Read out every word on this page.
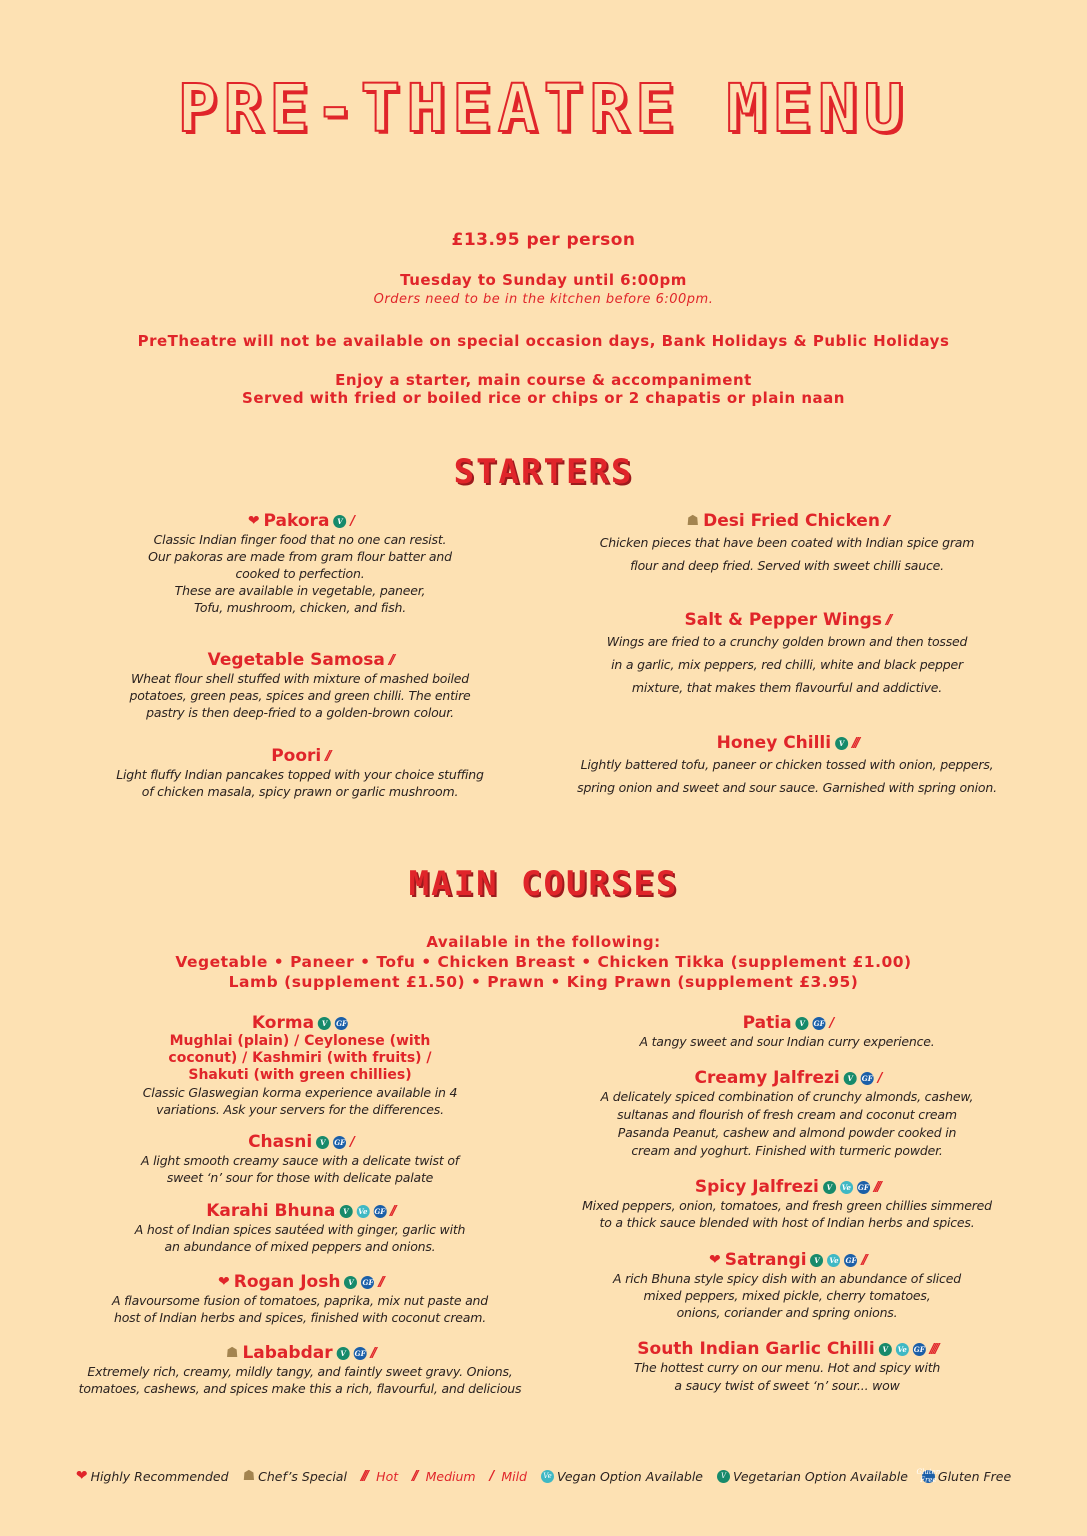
PRE-THEATRE MENU
£13.95 per person
Tuesday to Sunday until 6:00pm
Orders need to be in the kitchen before 6:00pm.
PreTheatre will not be available on special occasion days, Bank Holidays & Public Holidays
Enjoy a starter, main course & accompaniment
Served with fried or boiled rice or chips or 2 chapatis or plain naan
STARTERS
❤ Pakora	V /
Classic Indian finger food that no one can resist.
Our pakoras are made from gram flour batter and
cooked to perfection.
These are available in vegetable, paneer,
Tofu, mushroom, chicken, and fish.
Vegetable Samosa //
Wheat flour shell stuffed with mixture of mashed boiled
potatoes, green peas, spices and green chilli. The entire
pastry is then deep-fried to a golden-brown colour.
Poori //
Light fluffy Indian pancakes topped with your choice stuffing
of chicken masala, spicy prawn or garlic mushroom.
☗ Desi Fried Chicken //
Chicken pieces that have been coated with Indian spice gram
flour and deep fried. Served with sweet chilli sauce.
Salt & Pepper Wings //
Wings are fried to a crunchy golden brown and then tossed
in a garlic, mix peppers, red chilli, white and black pepper
mixture, that makes them flavourful and addictive.
Honey Chilli	V ///
Lightly battered tofu, paneer or chicken tossed with onion, peppers,
spring onion and sweet and sour sauce. Garnished with spring onion.
MAIN COURSES
Available in the following:
Vegetable • Paneer • Tofu • Chicken Breast • Chicken Tikka (supplement £1.00)
Lamb (supplement £1.50) • Prawn • King Prawn (supplement £3.95)
Korma	V	GF
Mughlai (plain) / Ceylonese (with
coconut) / Kashmiri (with fruits) /
Shakuti (with green chillies)
Classic Glaswegian korma experience available in 4
variations. Ask your servers for the differences.
Chasni	V	GF /
A light smooth creamy sauce with a delicate twist of
sweet ‘n’ sour for those with delicate palate
Karahi Bhuna	V	Ve GF //
A host of Indian spices sautéed with ginger, garlic with
an abundance of mixed peppers and onions.
❤ Rogan Josh	V	GF //
A flavoursome fusion of tomatoes, paprika, mix nut paste and
host of Indian herbs and spices, finished with coconut cream.
☗ Lababdar	V	GF //
Extremely rich, creamy, mildly tangy, and faintly sweet gravy. Onions,
tomatoes, cashews, and spices make this a rich, flavourful, and delicious
Patia	V	GF /
A tangy sweet and sour Indian curry experience.
Creamy Jalfrezi	V	GF /
A delicately spiced combination of crunchy almonds, cashew,
sultanas and flourish of fresh cream and coconut cream
Pasanda Peanut, cashew and almond powder cooked in
cream and yoghurt. Finished with turmeric powder.
Spicy Jalfrezi	V	Ve GF ///
Mixed peppers, onion, tomatoes, and fresh green chillies simmered
to a thick sauce blended with host of Indian herbs and spices.
❤ Satrangi	V	Ve GF //
A rich Bhuna style spicy dish with an abundance of sliced
mixed peppers, mixed pickle, cherry tomatoes,
onions, coriander and spring onions.
South Indian Garlic Chilli	V	Ve GF ////
The hottest curry on our menu. Hot and spicy with
a saucy twist of sweet ‘n’ sour... wow
❤ Highly Recommended ☗ Chef’s Special ///
Hot //
Medium /
Mild	Ve Vegan Option Available	V Vegetarian Option Available Gluten Free Gluten Free
